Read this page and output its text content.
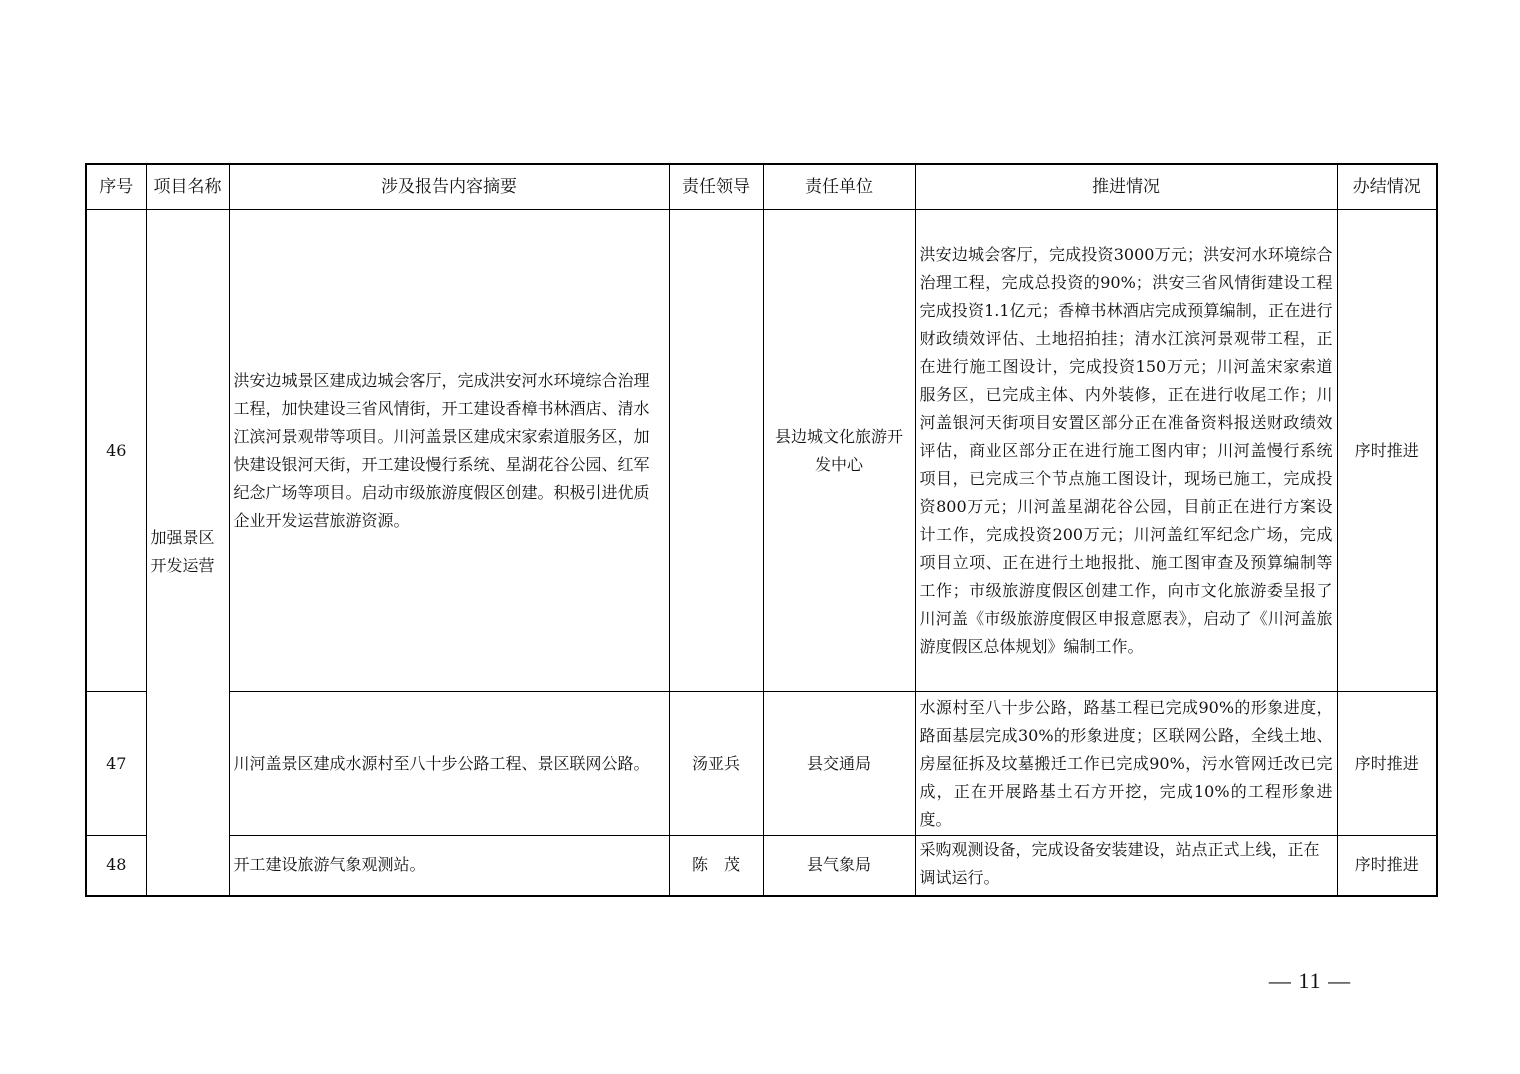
序号	项目名称	涉及报告内容摘要	责任领导	责任单位	推进情况	办结情况
46	加强景区开发运营	洪安边城景区建成边城会客厅，完成洪安河水环境综合治理工程，加快建设三省风情街，开工建设香樟书林酒店、清水江滨河景观带等项目。川河盖景区建成宋家索道服务区，加快建设银河天街，开工建设慢行系统、星湖花谷公园、红军纪念广场等项目。启动市级旅游度假区创建。积极引进优质企业开发运营旅游资源。		县边城文化旅游开发中心	洪安边城会客厅，完成投资3000万元；洪安河水环境综合治理工程，完成总投资的90%；洪安三省风情街建设工程完成投资1.1亿元；香樟书林酒店完成预算编制，正在进行财政绩效评估、土地招拍挂；清水江滨河景观带工程，正在进行施工图设计，完成投资150万元；川河盖宋家索道服务区，已完成主体、内外装修，正在进行收尾工作；川河盖银河天街项目安置区部分正在准备资料报送财政绩效评估，商业区部分正在进行施工图内审；川河盖慢行系统项目，已完成三个节点施工图设计，现场已施工，完成投资800万元；川河盖星湖花谷公园，目前正在进行方案设计工作，完成投资200万元；川河盖红军纪念广场，完成项目立项、正在进行土地报批、施工图审查及预算编制等工作；市级旅游度假区创建工作，向市文化旅游委呈报了川河盖《市级旅游度假区申报意愿表》，启动了《川河盖旅游度假区总体规划》编制工作。	序时推进
47		川河盖景区建成水源村至八十步公路工程、景区联网公路。	汤亚兵	县交通局	水源村至八十步公路，路基工程已完成90%的形象进度，路面基层完成30%的形象进度；区联网公路，全线土地、房屋征拆及坟墓搬迁工作已完成90%，污水管网迁改已完成，正在开展路基土石方开挖，完成10%的工程形象进度。	序时推进
48		开工建设旅游气象观测站。	陈　茂	县气象局	采购观测设备，完成设备安装建设，站点正式上线，正在调试运行。	序时推进
— 11 —
